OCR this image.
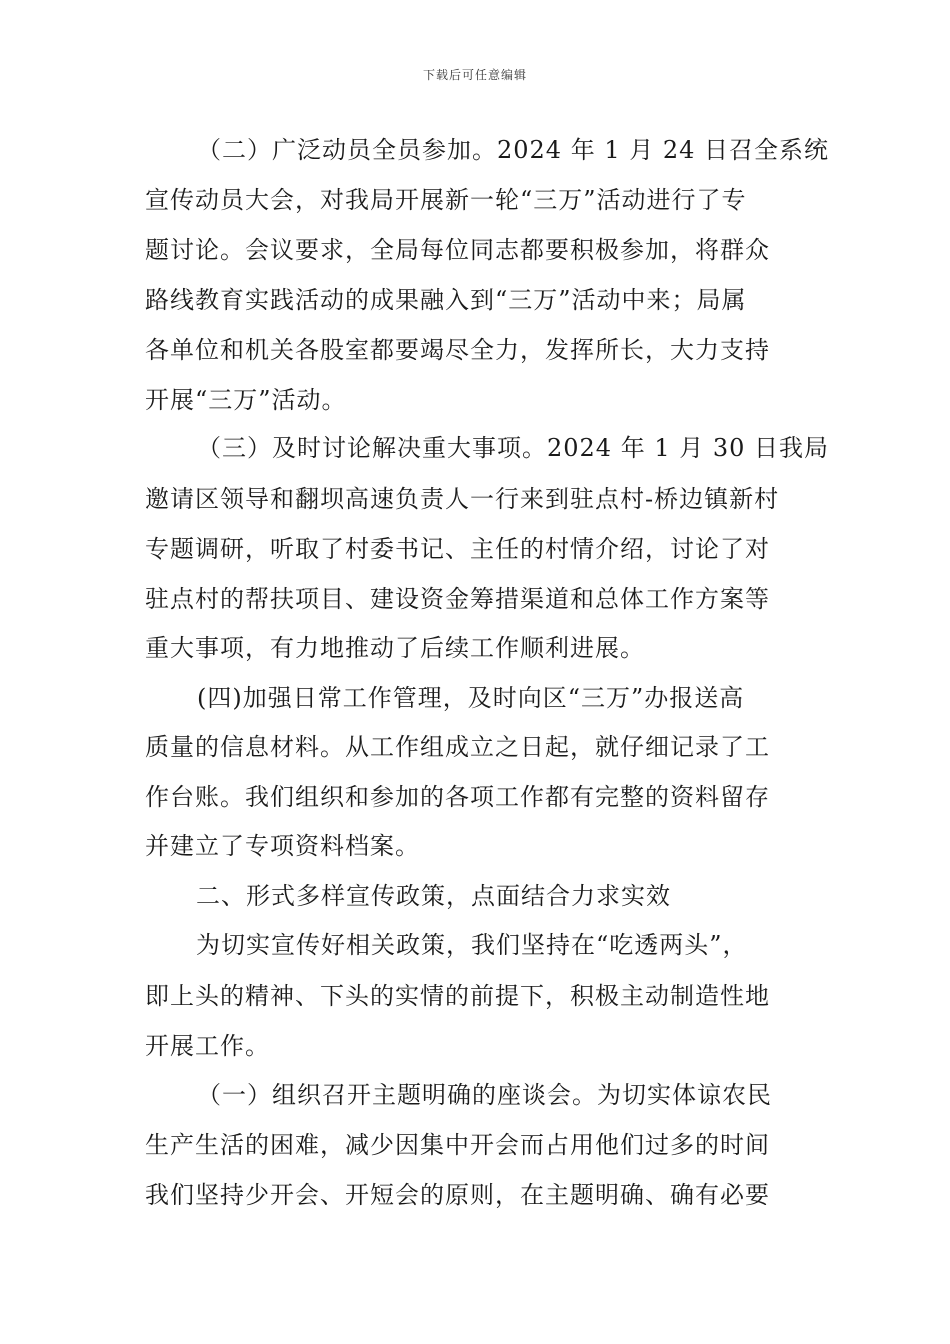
下载后可任意编辑
（二）广泛动员全员参加。2024 年 1 月 24 日召全系统
宣传动员大会，对我局开展新一轮“三万”活动进行了专
题讨论。会议要求，全局每位同志都要积极参加，将群众
路线教育实践活动的成果融入到“三万”活动中来；局属
各单位和机关各股室都要竭尽全力，发挥所长，大力支持
开展“三万”活动。
（三）及时讨论解决重大事项。2024 年 1 月 30 日我局
邀请区领导和翻坝高速负责人一行来到驻点村-桥边镇新村
专题调研，听取了村委书记、主任的村情介绍，讨论了对
驻点村的帮扶项目、建设资金筹措渠道和总体工作方案等
重大事项，有力地推动了后续工作顺利进展。
(四)加强日常工作管理，及时向区“三万”办报送高
质量的信息材料。从工作组成立之日起，就仔细记录了工
作台账。我们组织和参加的各项工作都有完整的资料留存
并建立了专项资料档案。
二、形式多样宣传政策，点面结合力求实效
为切实宣传好相关政策，我们坚持在“吃透两头”，
即上头的精神、下头的实情的前提下，积极主动制造性地
开展工作。
（一）组织召开主题明确的座谈会。为切实体谅农民
生产生活的困难，减少因集中开会而占用他们过多的时间
我们坚持少开会、开短会的原则，在主题明确、确有必要
